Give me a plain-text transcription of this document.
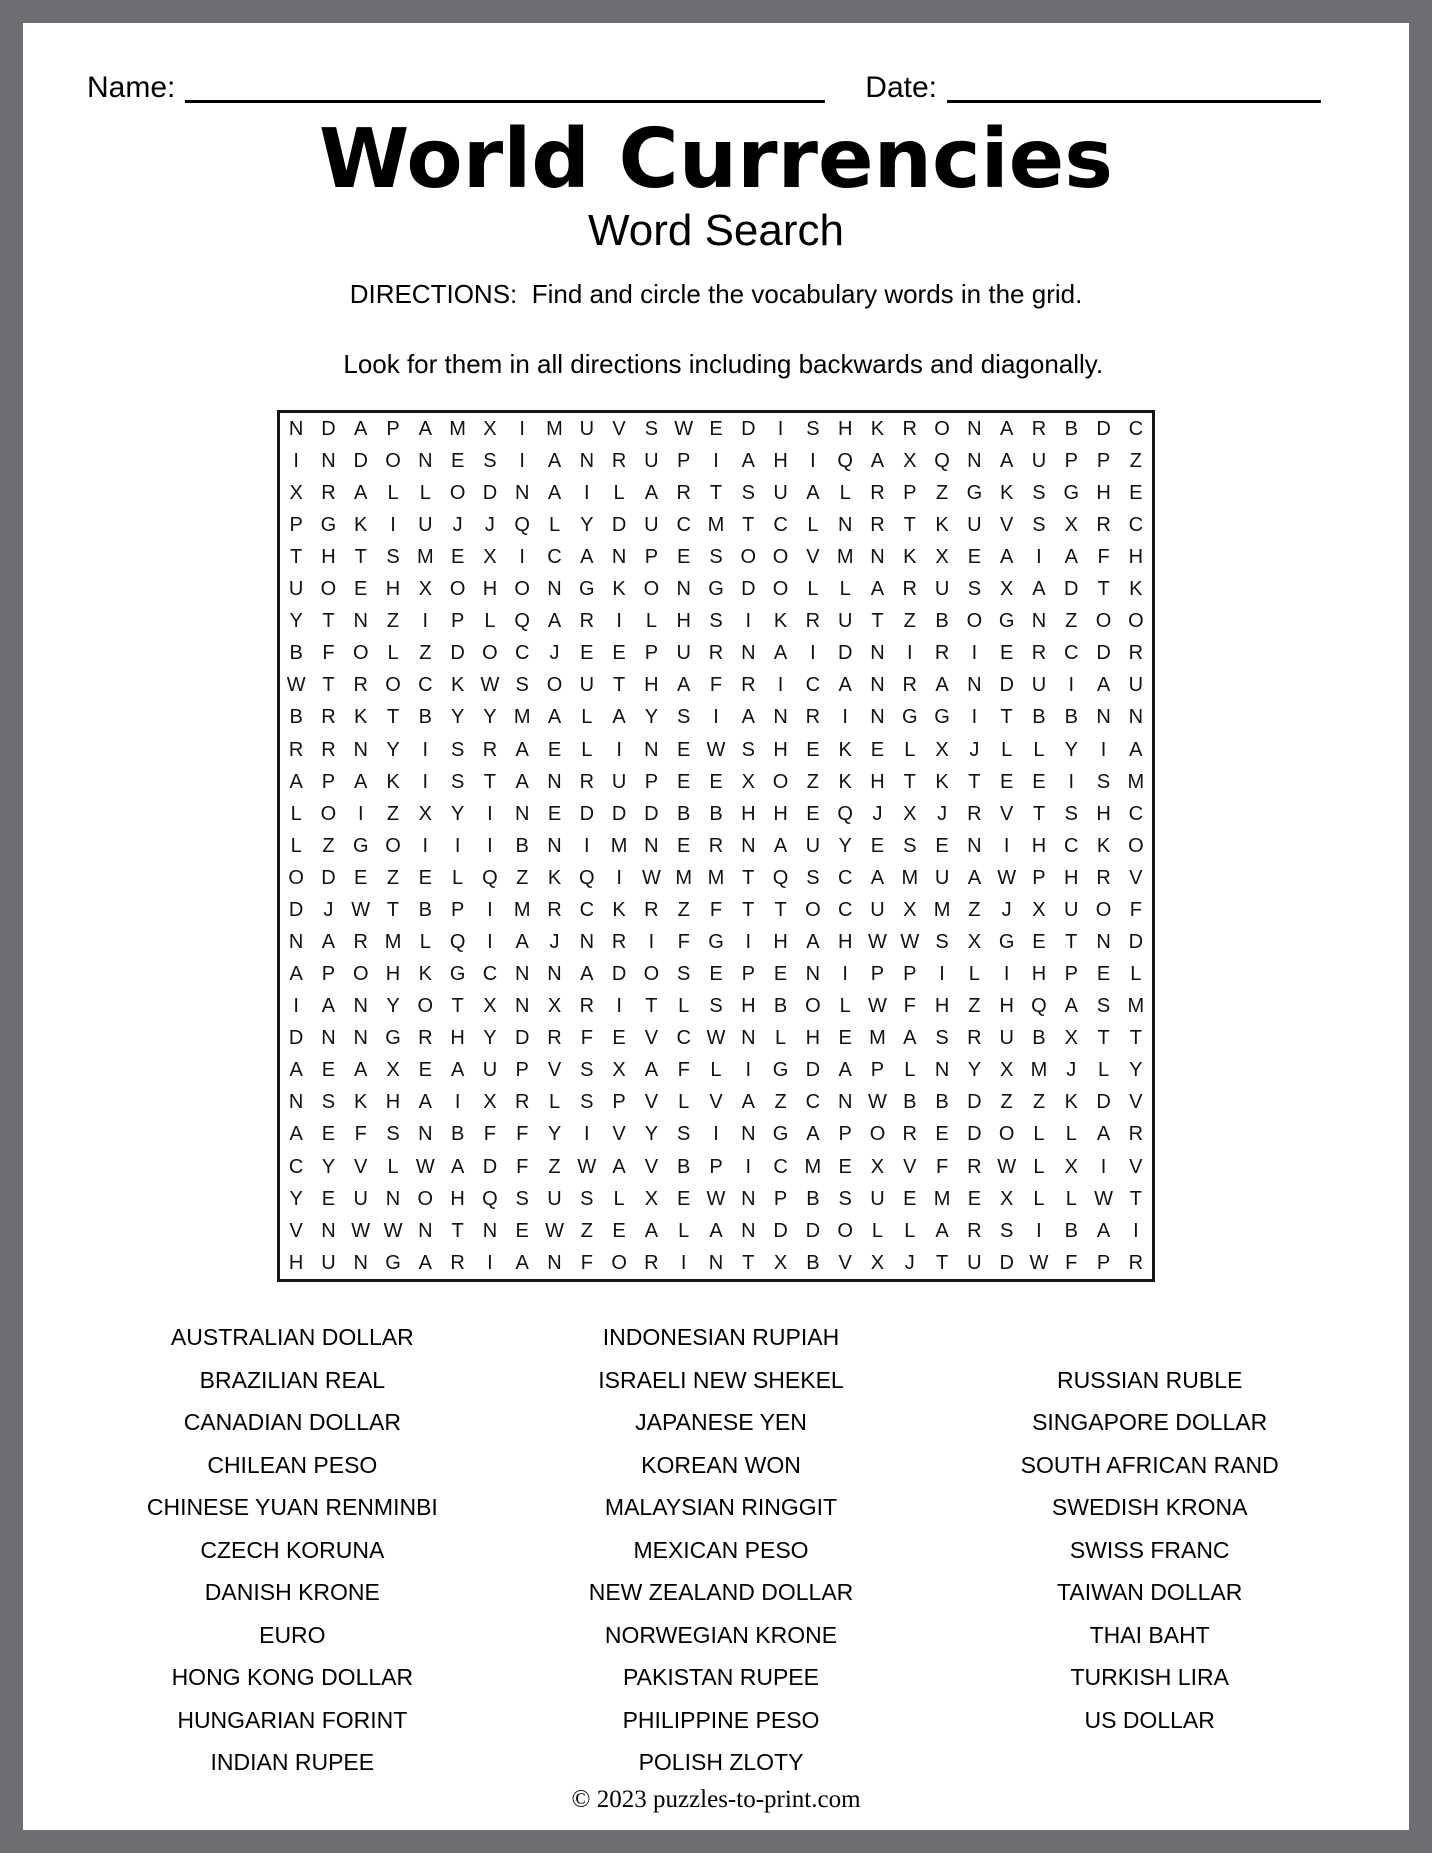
Name:	Date:
World Currencies
Word Search
DIRECTIONS:  Find and circle the vocabulary words in the grid.

Look for them in all directions including backwards and diagonally.
N D A P A M X	I	M U V S W E D	I	S H K R O N A R B D C
I	N D O N E S	I	A N R U P	I	A H	I	Q A X Q N A U P P Z
X R A	L	L O D N A	I	L	A R T S U A	L R P Z G K S G H E
P G K	I	U	J	J Q L	Y D U C M T C L N R T K U V S X R C
T H T S M E X	I	C A N P E S O O V M N K X E A	I	A F H
U O E H X O H O N G K O N G D O L	L	A R U S X A D T K
Y T N Z	I	P	L Q A R	I	L H S	I	K R U T	Z B O G N Z O O
B F O L	Z D O C	J	E E P U R N A	I	D N	I	R	I	E R C D R
W T R O C K W S O U T H A F R	I	C A N R A N D U	I	A U
B R K T B Y Y M A	L	A Y S	I	A N R	I	N G G	I	T B B N N
R R N Y	I	S R A E	L	I	N E W S H E K E	L	X	J	L	L	Y	I	A
A P A K	I	S T A N R U P E E X O Z K H T K T E E	I	S M
L O	I	Z X Y	I	N E D D D B B H H E Q J	X	J	R V T S H C
L	Z G O	I	I	I	B N	I	M N E R N A U Y E S E N	I	H C K O
O D E Z E	L Q Z K Q	I	W M M T Q S C A M U A W P H R V
D	J W T B P	I	M R C K R Z	F	T	T O C U X M Z	J	X U O F
N A R M L Q	I	A	J	N R	I	F G	I	H A H W W S X G E T N D
A P O H K G C N N A D O S E P E N	I	P P	I	L	I	H P E	L
I	A N Y O T X N X R	I	T	L	S H B O L W F H Z H Q A S M
D N N G R H Y D R F E V C W N L H E M A S R U B X T	T
A E A X E A U P V S X A F	L	I	G D A P	L N Y X M J	L	Y
N S K H A	I	X R L	S P V	L	V A Z C N W B B D Z	Z K D V
A E F S N B F	F Y	I	V Y S	I	N G A P O R E D O L	L	A R
C Y V	L W A D F	Z W A V B P	I	C M E X V F R W L	X	I	V
Y E U N O H Q S U S	L	X E W N P B S U E M E X	L	L W T
V N W W N T N E W Z E A	L	A N D D O L	L	A R S	I	B A	I
H U N G A R	I	A N F O R	I	N T X B V X	J	T U D W F P R
AUSTRALIAN DOLLAR
BRAZILIAN REAL
CANADIAN DOLLAR
CHILEAN PESO
CHINESE YUAN RENMINBI
CZECH KORUNA
DANISH KRONE
EURO
HONG KONG DOLLAR
HUNGARIAN FORINT
INDIAN RUPEE
INDONESIAN RUPIAH
ISRAELI NEW SHEKEL
JAPANESE YEN
KOREAN WON
MALAYSIAN RINGGIT
MEXICAN PESO
NEW ZEALAND DOLLAR
NORWEGIAN KRONE
PAKISTAN RUPEE
PHILIPPINE PESO
POLISH ZLOTY
RUSSIAN RUBLE
SINGAPORE DOLLAR
SOUTH AFRICAN RAND
SWEDISH KRONA
SWISS FRANC
TAIWAN DOLLAR
THAI BAHT
TURKISH LIRA
US DOLLAR
© 2023 puzzles-to-print.com
